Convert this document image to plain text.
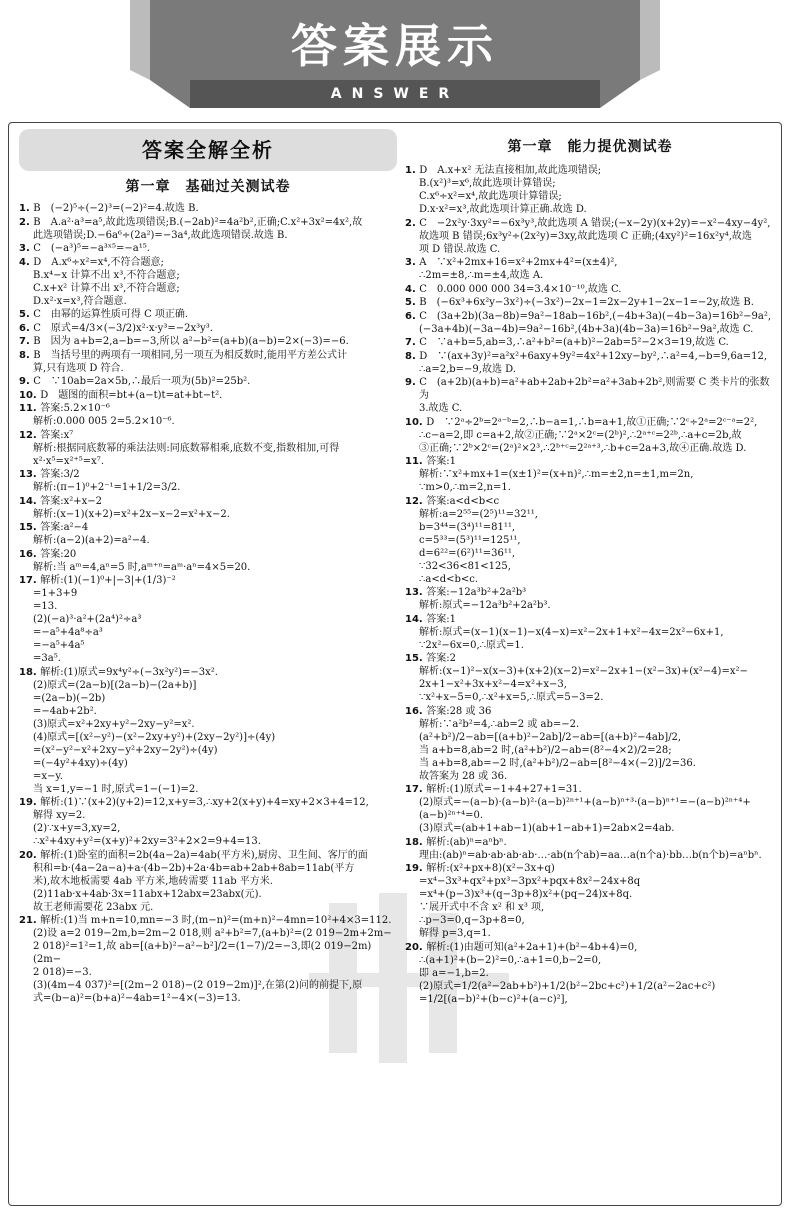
答案展示
ANSWER
答案全解全析
第一章　基础过关测试卷
1. B　(−2)⁵÷(−2)³=(−2)²=4.故选 B.
2. B　A.a²·a³=a⁵,故此选项错误;B.(−2ab)²=4a²b²,正确;C.x²+3x²=4x²,故
此选项错误;D.−6a⁶÷(2a²)=−3a⁴,故此选项错误.故选 B.
3. C　(−a³)⁵=−a³ˣ⁵=−a¹⁵.
4. D　A.x⁶÷x²=x⁴,不符合题意;
B.x⁴−x 计算不出 x³,不符合题意;
C.x+x² 计算不出 x³,不符合题意;
D.x²·x=x³,符合题意.
5. C　由幂的运算性质可得 C 项正确.
6. C　原式=4/3×(−3/2)x²·x·y³=−2x³y³.
7. B　因为 a+b=2,a−b=−3,所以 a²−b²=(a+b)(a−b)=2×(−3)=−6.
8. B　当括号里的两项有一项相同,另一项互为相反数时,能用平方差公式计
算,只有选项 D 符合.
9. C　∵10ab=2a×5b,∴最后一项为(5b)²=25b².
10. D　题图的面积=bt+(a−t)t=at+bt−t².
11. 答案:5.2×10⁻⁶
解析:0.000 005 2=5.2×10⁻⁶.
12. 答案:x⁷
解析:根据同底数幂的乘法法则:同底数幂相乘,底数不变,指数相加,可得
x²·x⁵=x²⁺⁵=x⁷.
13. 答案:3/2
解析:(π−1)⁰+2⁻¹=1+1/2=3/2.
14. 答案:x²+x−2
解析:(x−1)(x+2)=x²+2x−x−2=x²+x−2.
15. 答案:a²−4
解析:(a−2)(a+2)=a²−4.
16. 答案:20
解析:当 aᵐ=4,aⁿ=5 时,aᵐ⁺ⁿ=aᵐ·aⁿ=4×5=20.
17. 解析:(1)(−1)⁰+|−3|+(1/3)⁻²
=1+3+9
=13.
(2)(−a)³·a²+(2a⁴)²÷a³
=−a⁵+4a⁸÷a³
=−a⁵+4a⁵
=3a⁵.
18. 解析:(1)原式=9x⁴y²÷(−3x²y²)=−3x².
(2)原式=(2a−b)[(2a−b)−(2a+b)]
=(2a−b)(−2b)
=−4ab+2b².
(3)原式=x²+2xy+y²−2xy−y²=x².
(4)原式=[(x²−y²)−(x²−2xy+y²)+(2xy−2y²)]÷(4y)
=(x²−y²−x²+2xy−y²+2xy−2y²)÷(4y)
=(−4y²+4xy)÷(4y)
=x−y.
当 x=1,y=−1 时,原式=1−(−1)=2.
19. 解析:(1)∵(x+2)(y+2)=12,x+y=3,∴xy+2(x+y)+4=xy+2×3+4=12,
解得 xy=2.
(2)∵x+y=3,xy=2,
∴x²+4xy+y²=(x+y)²+2xy=3²+2×2=9+4=13.
20. 解析:(1)卧室的面积=2b(4a−2a)=4ab(平方米),厨房、卫生间、客厅的面
积和=b·(4a−2a−a)+a·(4b−2b)+2a·4b=ab+2ab+8ab=11ab(平方
米),故木地板需要 4ab 平方米,地砖需要 11ab 平方米.
(2)11ab·x+4ab·3x=11abx+12abx=23abx(元).
故王老师需要花 23abx 元.
21. 解析:(1)当 m+n=10,mn=−3 时,(m−n)²=(m+n)²−4mn=10²+4×3=112.
(2)设 a=2 019−2m,b=2m−2 018,则 a²+b²=7,(a+b)²=(2 019−2m+2m−
2 018)²=1²=1,故 ab=[(a+b)²−a²−b²]/2=(1−7)/2=−3,即(2 019−2m)(2m−
2 018)=−3.
(3)(4m−4 037)²=[(2m−2 018)−(2 019−2m)]²,在第(2)问的前提下,原
式=(b−a)²=(b+a)²−4ab=1²−4×(−3)=13.
第一章　能力提优测试卷
1. D　A.x+x² 无法直接相加,故此选项错误;
B.(x²)³=x⁶,故此选项计算错误;
C.x⁶÷x²=x⁴,故此选项计算错误;
D.x·x²=x³,故此选项计算正确.故选 D.
2. C　−2x²y·3xy²=−6x³y³,故此选项 A 错误;(−x−2y)(x+2y)=−x²−4xy−4y²,
故选项 B 错误;6x³y²÷(2x²y)=3xy,故此选项 C 正确;(4xy²)²=16x²y⁴,故选
项 D 错误.故选 C.
3. A　∵x²+2mx+16=x²+2mx+4²=(x±4)²,
∴2m=±8,∴m=±4,故选 A.
4. C　0.000 000 000 34=3.4×10⁻¹⁰,故选 C.
5. B　(−6x³+6x²y−3x²)÷(−3x²)−2x−1=2x−2y+1−2x−1=−2y,故选 B.
6. C　(3a+2b)(3a−8b)=9a²−18ab−16b²,(−4b+3a)(−4b−3a)=16b²−9a²,
(−3a+4b)(−3a−4b)=9a²−16b²,(4b+3a)(4b−3a)=16b²−9a²,故选 C.
7. C　∵a+b=5,ab=3,∴a²+b²=(a+b)²−2ab=5²−2×3=19,故选 C.
8. D　∵(ax+3y)²=a²x²+6axy+9y²=4x²+12xy−by²,∴a²=4,−b=9,6a=12,
∴a=2,b=−9,故选 D.
9. C　(a+2b)(a+b)=a²+ab+2ab+2b²=a²+3ab+2b²,则需要 C 类卡片的张数为
3.故选 C.
10. D　∵2ᵃ÷2ᵇ=2ᵃ⁻ᵇ=2,∴b−a=1,∴b=a+1,故①正确;∵2ᶜ÷2ᵃ=2ᶜ⁻ᵃ=2²,
∴c−a=2,即 c=a+2,故②正确;∵2ᵃ×2ᶜ=(2ᵇ)²,∴2ᵃ⁺ᶜ=2²ᵇ,∴a+c=2b,故
③正确;∵2ᵇ×2ᶜ=(2ᵃ)²×2³,∴2ᵇ⁺ᶜ=2²ᵃ⁺³,∴b+c=2a+3,故④正确.故选 D.
11. 答案:1
解析:∵x²+mx+1=(x±1)²=(x+n)²,∴m=±2,n=±1,m=2n,
∵m>0,∴m=2,n=1.
12. 答案:a<d<b<c
解析:a=2⁵⁵=(2⁵)¹¹=32¹¹,
b=3⁴⁴=(3⁴)¹¹=81¹¹,
c=5³³=(5³)¹¹=125¹¹,
d=6²²=(6²)¹¹=36¹¹,
∵32<36<81<125,
∴a<d<b<c.
13. 答案:−12a³b²+2a²b³
解析:原式=−12a³b²+2a²b³.
14. 答案:1
解析:原式=(x−1)(x−1)−x(4−x)=x²−2x+1+x²−4x=2x²−6x+1,
∵2x²−6x=0,∴原式=1.
15. 答案:2
解析:(x−1)²−x(x−3)+(x+2)(x−2)=x²−2x+1−(x²−3x)+(x²−4)=x²−
2x+1−x²+3x+x²−4=x²+x−3,
∵x²+x−5=0,∴x²+x=5,∴原式=5−3=2.
16. 答案:28 或 36
解析:∵a²b²=4,∴ab=2 或 ab=−2.
(a²+b²)/2−ab=[(a+b)²−2ab]/2−ab=[(a+b)²−4ab]/2,
当 a+b=8,ab=2 时,(a²+b²)/2−ab=(8²−4×2)/2=28;
当 a+b=8,ab=−2 时,(a²+b²)/2−ab=[8²−4×(−2)]/2=36.
故答案为 28 或 36.
17. 解析:(1)原式=−1+4+27+1=31.
(2)原式=−(a−b)·(a−b)²·(a−b)²ⁿ⁺¹+(a−b)ⁿ⁺³·(a−b)ⁿ⁺¹=−(a−b)²ⁿ⁺⁴+
(a−b)²ⁿ⁺⁴=0.
(3)原式=(ab+1+ab−1)(ab+1−ab+1)=2ab×2=4ab.
18. 解析:(ab)ⁿ=aⁿbⁿ.
理由:(ab)ⁿ=ab·ab·ab·ab·…·ab(n个ab)=aa…a(n个a)·bb…b(n个b)=aⁿbⁿ.
19. 解析:(x²+px+8)(x²−3x+q)
=x⁴−3x³+qx²+px³−3px²+pqx+8x²−24x+8q
=x⁴+(p−3)x³+(q−3p+8)x²+(pq−24)x+8q.
∵展开式中不含 x² 和 x³ 项,
∴p−3=0,q−3p+8=0,
解得 p=3,q=1.
20. 解析:(1)由题可知(a²+2a+1)+(b²−4b+4)=0,
∴(a+1)²+(b−2)²=0,∴a+1=0,b−2=0,
即 a=−1,b=2.
(2)原式=1/2(a²−2ab+b²)+1/2(b²−2bc+c²)+1/2(a²−2ac+c²)
=1/2[(a−b)²+(b−c)²+(a−c)²],
